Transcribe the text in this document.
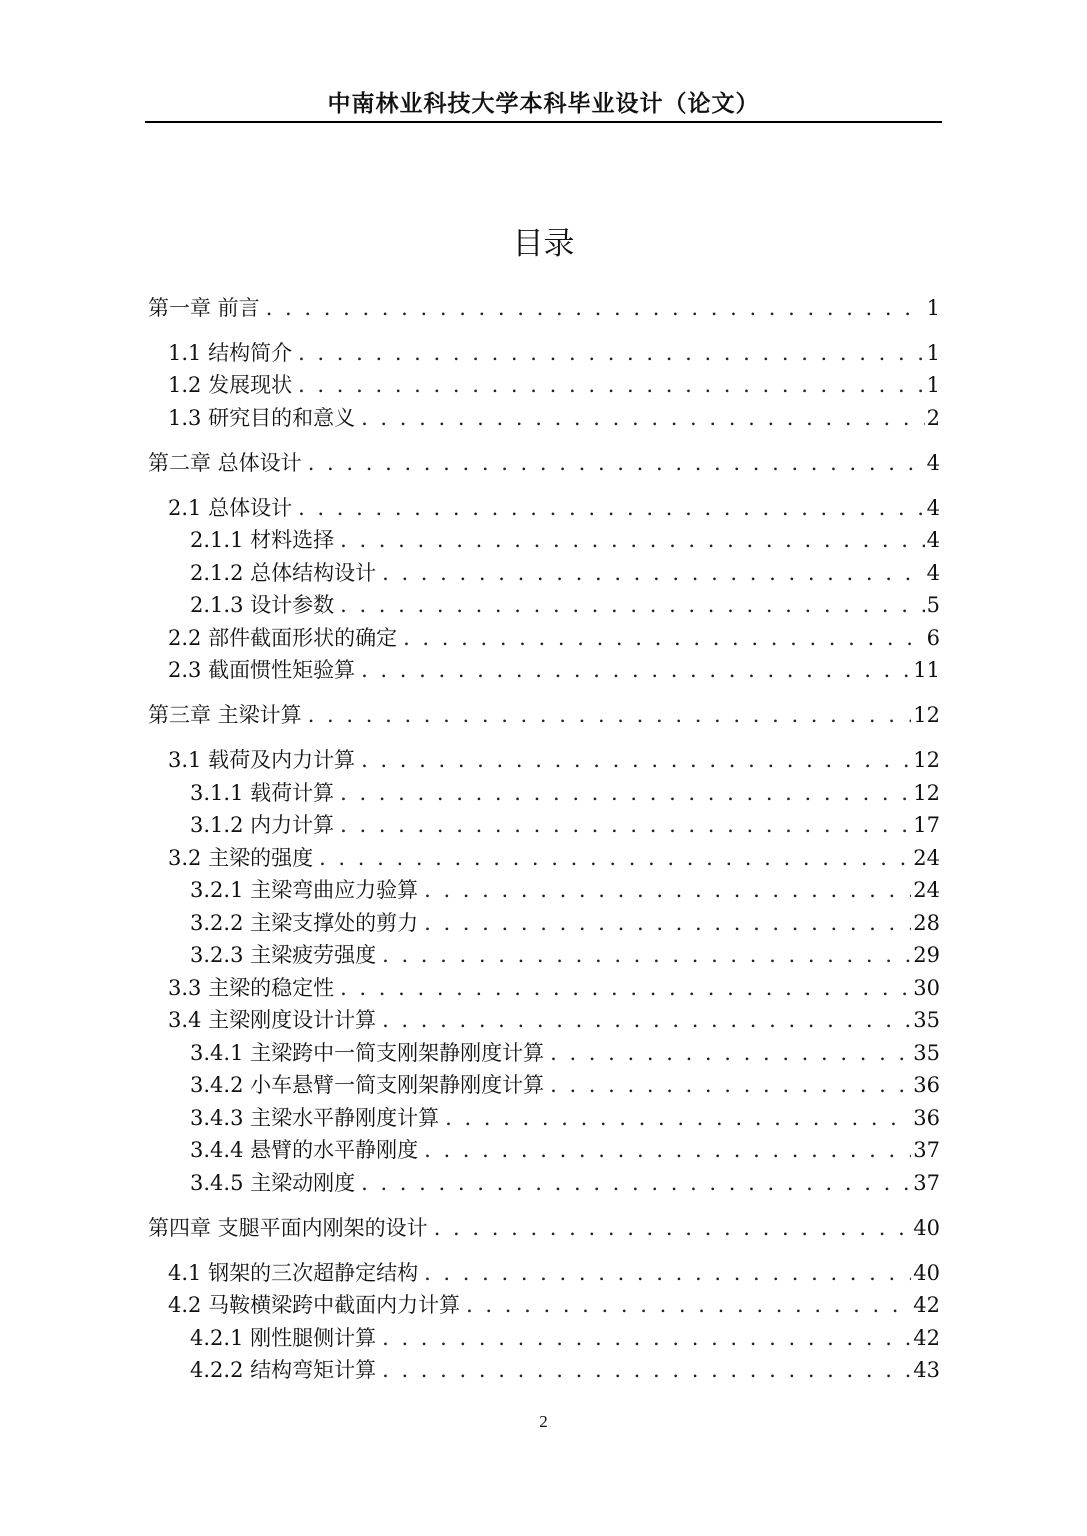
中南林业科技大学本科毕业设计（论文）
目录
第一章 前言 . . .	1
1.1 结构简介 . . .	1
1.2 发展现状 . . .	1
1.3 研究目的和意义 . . .	2
第二章 总体设计 . . .	4
2.1 总体设计 . . .	4
2.1.1 材料选择 . . .	4
2.1.2 总体结构设计 . . .	4
2.1.3 设计参数 . . .	5
2.2 部件截面形状的确定 . . .	6
2.3 截面惯性矩验算 . . .	11
第三章 主梁计算 . . .	12
3.1 载荷及内力计算 . . .	12
3.1.1 载荷计算 . . .	12
3.1.2 内力计算 . . .	17
3.2 主梁的强度 . . .	24
3.2.1 主梁弯曲应力验算 . . .	24
3.2.2 主梁支撑处的剪力 . . .	28
3.2.3 主梁疲劳强度 . . .	29
3.3 主梁的稳定性 . . .	30
3.4 主梁刚度设计计算 . . .	35
3.4.1 主梁跨中一简支刚架静刚度计算 . . .	35
3.4.2 小车悬臂一简支刚架静刚度计算 . . .	36
3.4.3 主梁水平静刚度计算 . . .	36
3.4.4 悬臂的水平静刚度 . . .	37
3.4.5 主梁动刚度 . . .	37
第四章 支腿平面内刚架的设计 . . .	40
4.1 钢架的三次超静定结构 . . .	40
4.2 马鞍横梁跨中截面内力计算 . . .	42
4.2.1 刚性腿侧计算 . . .	42
4.2.2 结构弯矩计算 . . .	43
2
